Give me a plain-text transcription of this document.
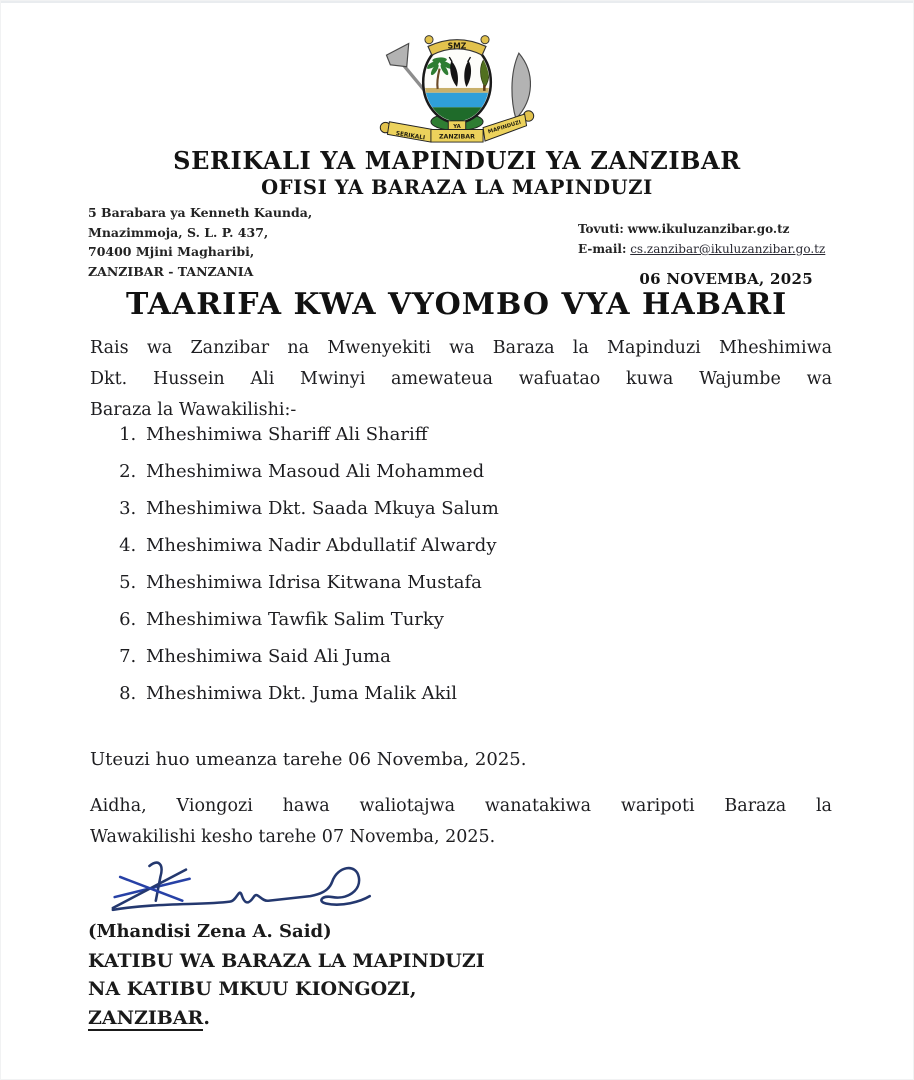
SMZ
SERIKALI
YA
ZANZIBAR
MAPINDUZI
SERIKALI YA MAPINDUZI YA ZANZIBAR
OFISI YA BARAZA LA MAPINDUZI
5 Barabara ya Kenneth Kaunda,
Mnazimmoja, S. L. P. 437,
70400 Mjini Magharibi,
ZANZIBAR - TANZANIA
Tovuti: www.ikuluzanzibar.go.tz
E-mail: cs.zanzibar@ikuluzanzibar.go.tz
06 NOVEMBA, 2025
TAARIFA KWA VYOMBO VYA HABARI
Rais wa Zanzibar na Mwenyekiti wa Baraza la Mapinduzi Mheshimiwa
Dkt. Hussein Ali Mwinyi amewateua wafuatao kuwa Wajumbe wa
Baraza la Wawakilishi:-
1. Mheshimiwa Shariff Ali Shariff
2. Mheshimiwa Masoud Ali Mohammed
3. Mheshimiwa Dkt. Saada Mkuya Salum
4. Mheshimiwa Nadir Abdullatif Alwardy
5. Mheshimiwa Idrisa Kitwana Mustafa
6. Mheshimiwa Tawfik Salim Turky
7. Mheshimiwa Said Ali Juma
8. Mheshimiwa Dkt. Juma Malik Akil
Uteuzi huo umeanza tarehe 06 Novemba, 2025.
Aidha, Viongozi hawa waliotajwa wanatakiwa waripoti Baraza la
Wawakilishi kesho tarehe 07 Novemba, 2025.
(Mhandisi Zena A. Said)
KATIBU WA BARAZA LA MAPINDUZI
NA KATIBU MKUU KIONGOZI,
ZANZIBAR.
